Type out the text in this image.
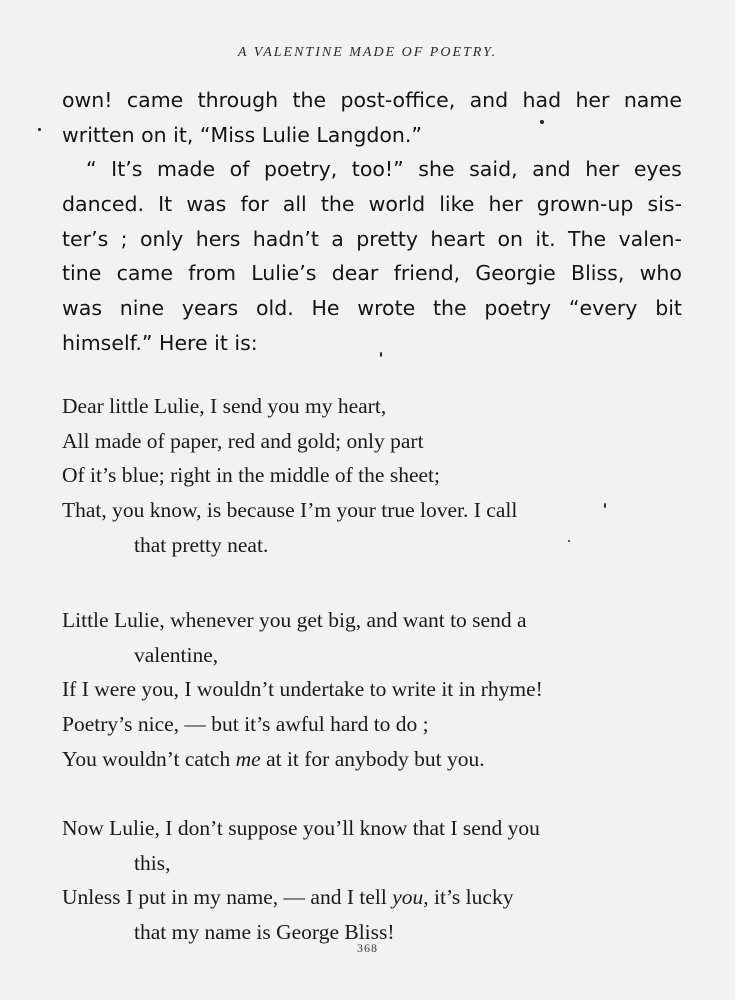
A VALENTINE MADE OF POETRY.
own! came through the post-office, and had her name
written on it, “Miss Lulie Langdon.”
“ It’s made of poetry, too!” she said, and her eyes
danced. It was for all the world like her grown-up sis-
ter’s ; only hers hadn’t a pretty heart on it. The valen-
tine came from Lulie’s dear friend, Georgie Bliss, who
was nine years old. He wrote the poetry “every bit
himself.” Here it is:
Dear little Lulie, I send you my heart,
All made of paper, red and gold; only part
Of it’s blue; right in the middle of the sheet;
That, you know, is because I’m your true lover. I call
that pretty neat.
Little Lulie, whenever you get big, and want to send a
valentine,
If I were you, I wouldn’t undertake to write it in rhyme!
Poetry’s nice, — but it’s awful hard to do ;
You wouldn’t catch me at it for anybody but you.
Now Lulie, I don’t suppose you’ll know that I send you
this,
Unless I put in my name, — and I tell you, it’s lucky
that my name is George Bliss!
368
